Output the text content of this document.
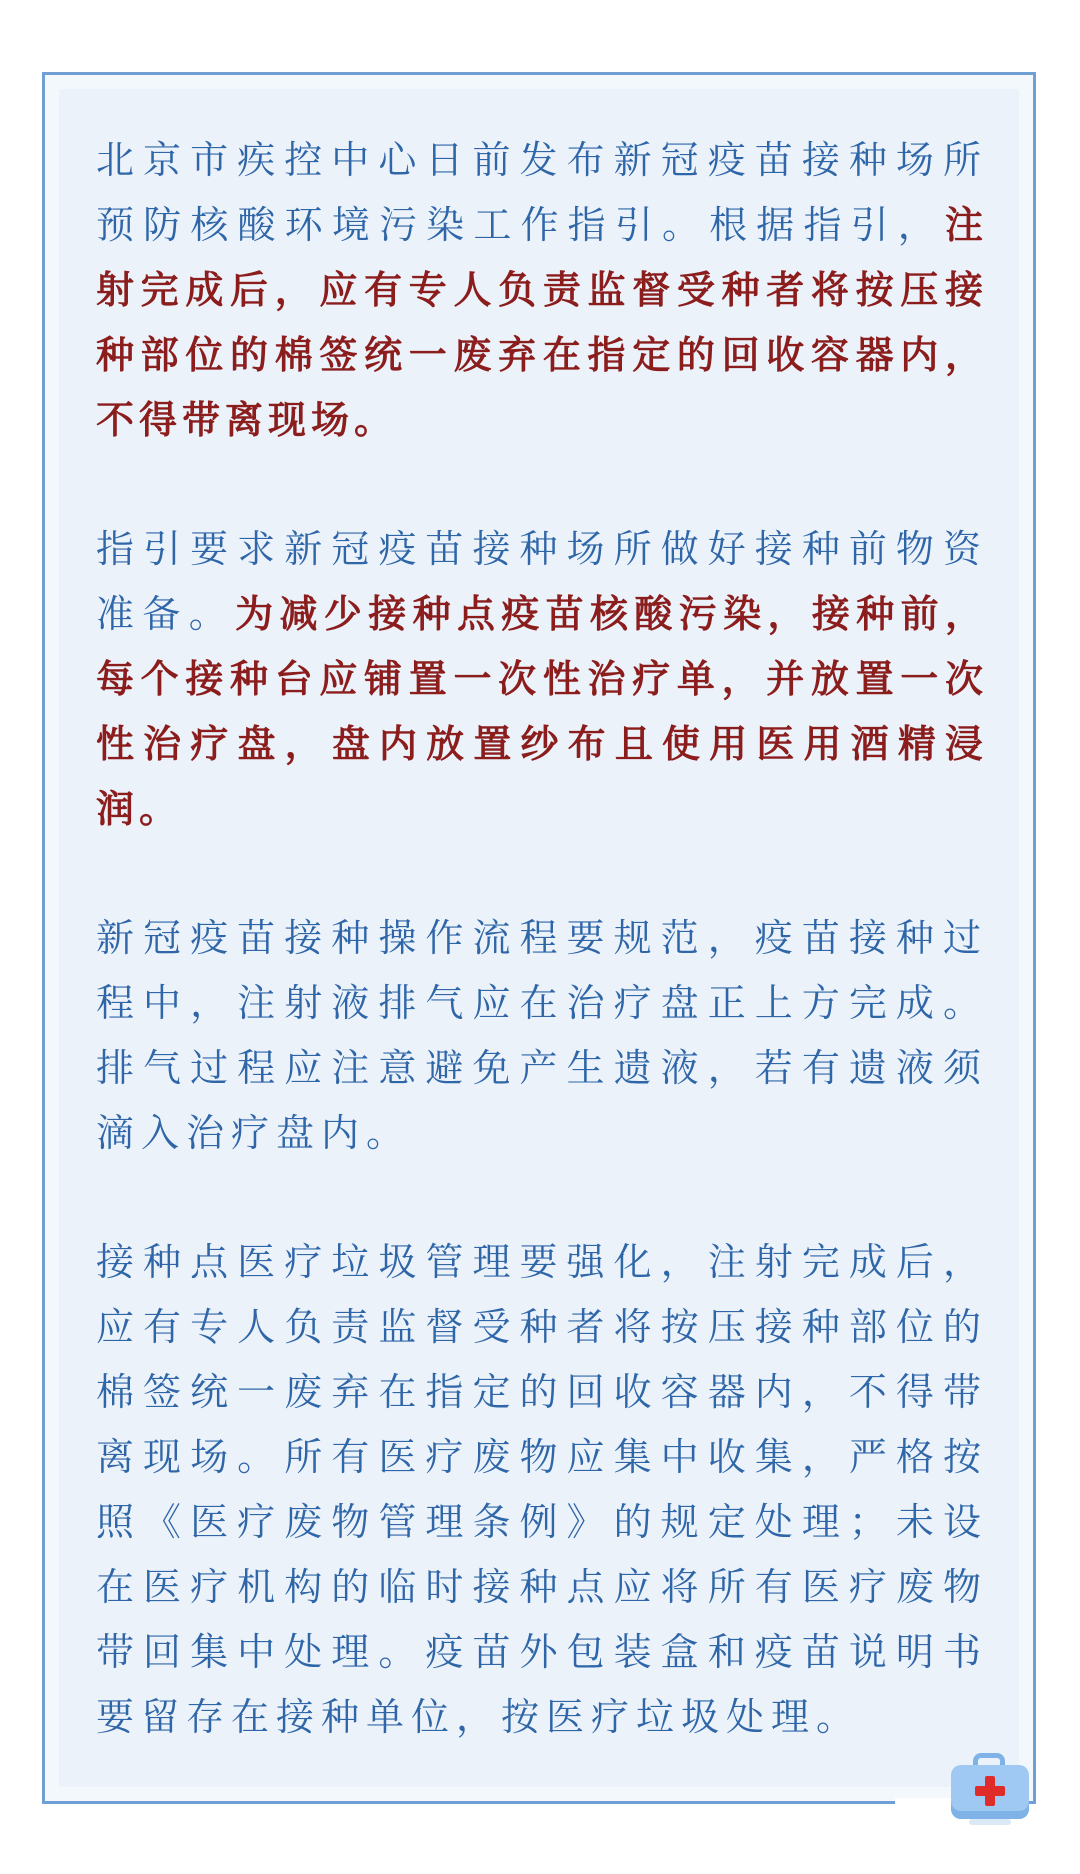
北京市疾控中心日前发布新冠疫苗接种场所预防核酸环境污染工作指引。根据指引，注射完成后，应有专人负责监督受种者将按压接种部位的棉签统一废弃在指定的回收容器内，不得带离现场。

指引要求新冠疫苗接种场所做好接种前物资准备。为减少接种点疫苗核酸污染，接种前，每个接种台应铺置一次性治疗单，并放置一次性治疗盘，盘内放置纱布且使用医用酒精浸润。

新冠疫苗接种操作流程要规范，疫苗接种过程中，注射液排气应在治疗盘正上方完成。排气过程应注意避免产生遗液，若有遗液须滴入治疗盘内。

接种点医疗垃圾管理要强化，注射完成后，应有专人负责监督受种者将按压接种部位的棉签统一废弃在指定的回收容器内，不得带离现场。所有医疗废物应集中收集，严格按照《医疗废物管理条例》的规定处理；未设在医疗机构的临时接种点应将所有医疗废物带回集中处理。疫苗外包装盒和疫苗说明书要留存在接种单位，按医疗垃圾处理。
